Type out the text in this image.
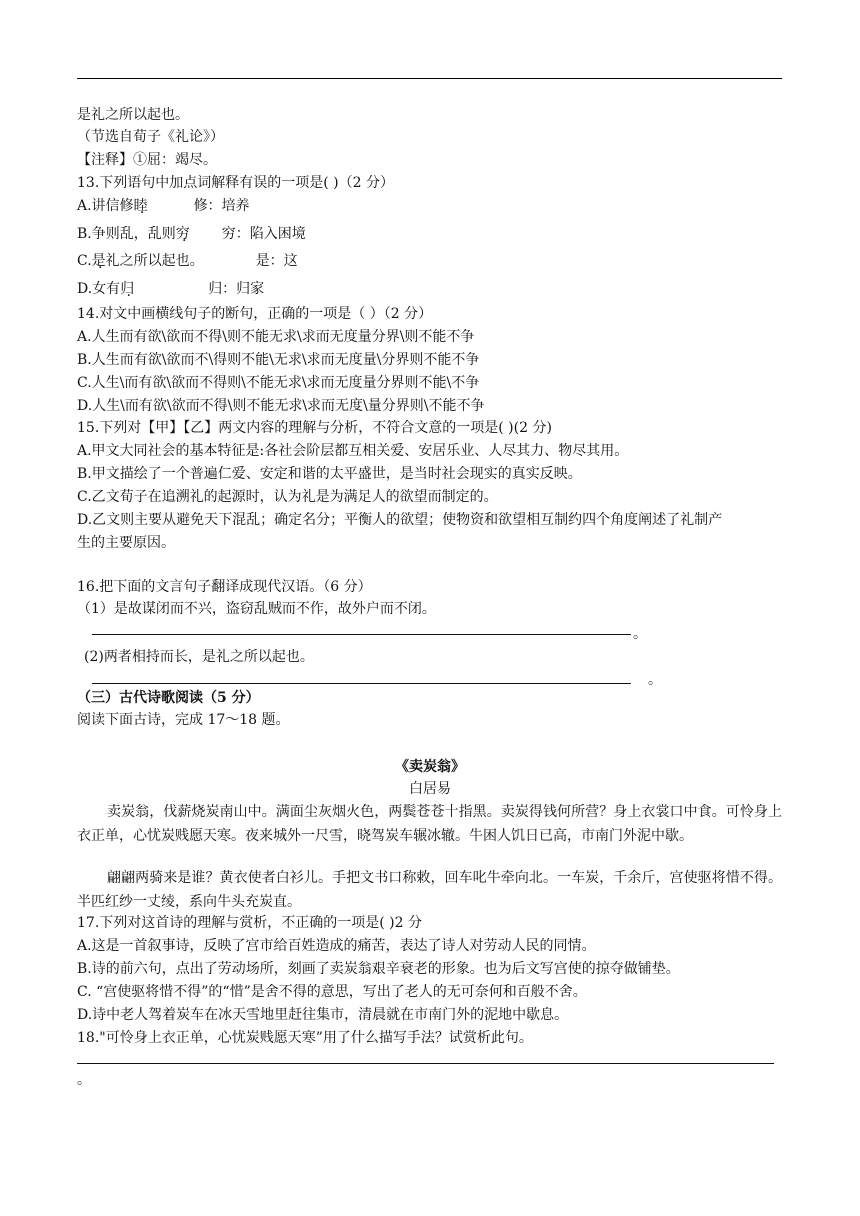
是礼之所以起也。
（节选自荀子《礼论》）
【注释】①屈：竭尽。
13.下列语句中加点词解释有误的一项是( )（2 分）
A.讲信修睦	修：培养
B.争则乱，乱则穷 穷：陷入困境
C.是礼之所以起也。	是：这
D.女有归	归：归家
14.对文中画横线句子的断句，正确的一项是（ ）（2 分）
A.人生而有欲\欲而不得\则不能无求\求而无度量分界\则不能不争
B.人生而有欲\欲而不\得则不能\无求\求而无度量\分界则不能不争
C.人生\而有欲\欲而不得则\不能无求\求而无度量分界则不能\不争
D.人生\而有欲\欲而不得\则不能无求\求而无度\量分界则\不能不争
15.下列对【甲】【乙】两文内容的理解与分析，不符合文意的一项是( )(2 分)
A.甲文大同社会的基本特征是:各社会阶层都互相关爱、安居乐业、人尽其力、物尽其用。
B.甲文描绘了一个普遍仁爱、安定和谐的太平盛世，是当时社会现实的真实反映。
C.乙文荀子在追溯礼的起源时，认为礼是为满足人的欲望而制定的。
D.乙文则主要从避免天下混乱；确定名分；平衡人的欲望；使物资和欲望相互制约四个角度阐述了礼制产
生的主要原因。
16.把下面的文言句子翻译成现代汉语。（6 分）
（1）是故谋闭而不兴，盗窃乱贼而不作，故外户而不闭。
。
(2)两者相持而长，是礼之所以起也。
。
（三）古代诗歌阅读（5 分）
阅读下面古诗，完成 17～18 题。
《卖炭翁》
白居易
卖炭翁，伐薪烧炭南山中。满面尘灰烟火色，两鬓苍苍十指黑。卖炭得钱何所营？身上衣裳口中食。可怜身上衣正单，心忧炭贱愿天寒。夜来城外一尺雪，晓驾炭车辗冰辙。牛困人饥日已高，市南门外泥中歇。
翩翩两骑来是谁？黄衣使者白衫儿。手把文书口称敕，回车叱牛牵向北。一车炭，千余斤，宫使驱将惜不得。半匹红纱一丈绫，系向牛头充炭直。
17.下列对这首诗的理解与赏析，不正确的一项是( )2 分
A.这是一首叙事诗，反映了宫市给百姓造成的痛苦，表达了诗人对劳动人民的同情。
B.诗的前六句，点出了劳动场所，刻画了卖炭翁艰辛衰老的形象。也为后文写宫使的掠夺做铺垫。
C. “宫使驱将惜不得”的“惜”是舍不得的意思，写出了老人的无可奈何和百般不舍。
D.诗中老人驾着炭车在冰天雪地里赶往集市，清晨就在市南门外的泥地中歇息。
18."可怜身上衣正单，心忧炭贱愿天寒”用了什么描写手法？试赏析此句。
。
